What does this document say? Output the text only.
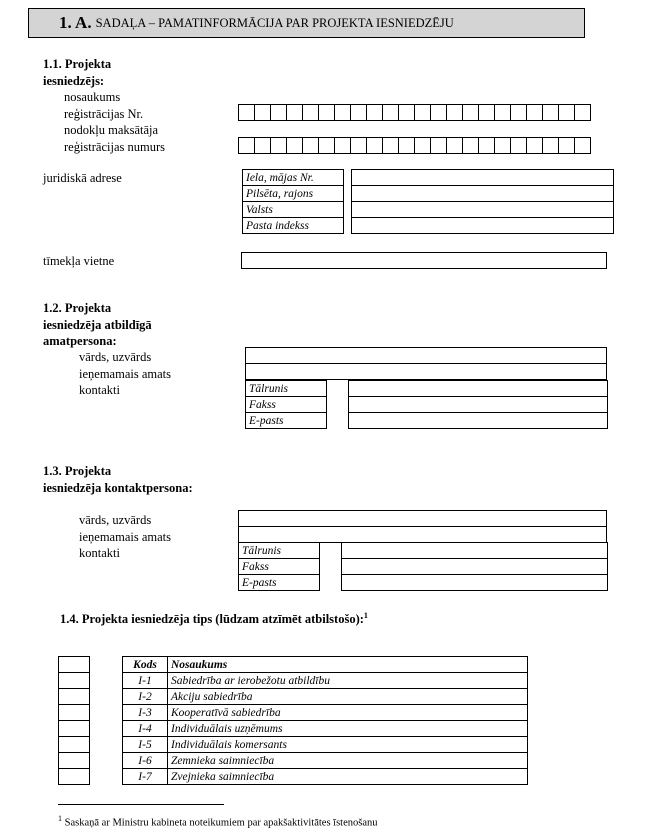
1. A. SADAĻA – PAMATINFORMĀCIJA PAR PROJEKTA IESNIEDZĒJU
1.1. Projekta
iesniedzējs:
nosaukums
reģistrācijas Nr.
nodokļu maksātāja
reģistrācijas numurs

juridiskā adrese	Iela, mājas Nr.		
Pilsēta, rajons		
Valsts		
Pasta indekss		
tīmekļa vietne
1.2. Projekta
iesniedzēja atbildīgā
amatpersona:
vārds, uzvārds
ieņemamais amats
kontakti	Tālrunis		
Fakss		
E-pasts		
1.3. Projekta
iesniedzēja kontaktpersona:
vārds, uzvārds
ieņemamais amats
kontakti	Tālrunis		
Fakss		
E-pasts		
1.4. Projekta iesniedzēja tips (lūdzam atzīmēt atbilstošo):$^1$

Kods	Nosaukums
I-1	Sabiedrība ar ierobežotu atbildību
I-2	Akciju sabiedrība
I-3	Kooperatīvā sabiedrība
I-4	Individuālais uzņēmums
I-5	Individuālais komersants
I-6	Zemnieka saimniecība
I-7	Zvejnieka saimniecība
$^1$ Saskaņā ar Ministru kabineta noteikumiem par apakšaktivitātes īstenošanu
